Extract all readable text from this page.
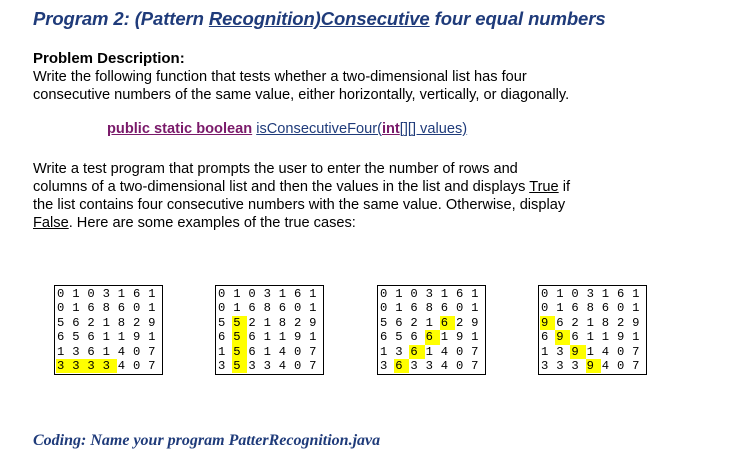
Program 2: (Pattern Recognition)Consecutive four equal numbers
Problem Description:
Write the following function that tests whether a two-dimensional list has four
consecutive numbers of the same value, either horizontally, vertically, or diagonally.
public static boolean isConsecutiveFour(int[][] values)
Write a test program that prompts the user to enter the number of rows and
columns of a two-dimensional list and then the values in the list and displays True if
the list contains four consecutive numbers with the same value. Otherwise, display
False. Here are some examples of the true cases:
0 1 0 3 1 6 1
0 1 6 8 6 0 1
5 6 2 1 8 2 9
6 5 6 1 1 9 1
1 3 6 1 4 0 7
3 3 3 3 4 0 7
0 1 0 3 1 6 1
0 1 6 8 6 0 1
5 5 2 1 8 2 9
6 5 6 1 1 9 1
1 5 6 1 4 0 7
3 5 3 3 4 0 7
0 1 0 3 1 6 1
0 1 6 8 6 0 1
5 6 2 1 6 2 9
6 5 6 6 1 9 1
1 3 6 1 4 0 7
3 6 3 3 4 0 7
0 1 0 3 1 6 1
0 1 6 8 6 0 1
9 6 2 1 8 2 9
6 9 6 1 1 9 1
1 3 9 1 4 0 7
3 3 3 9 4 0 7
Coding: Name your program PatterRecognition.java
